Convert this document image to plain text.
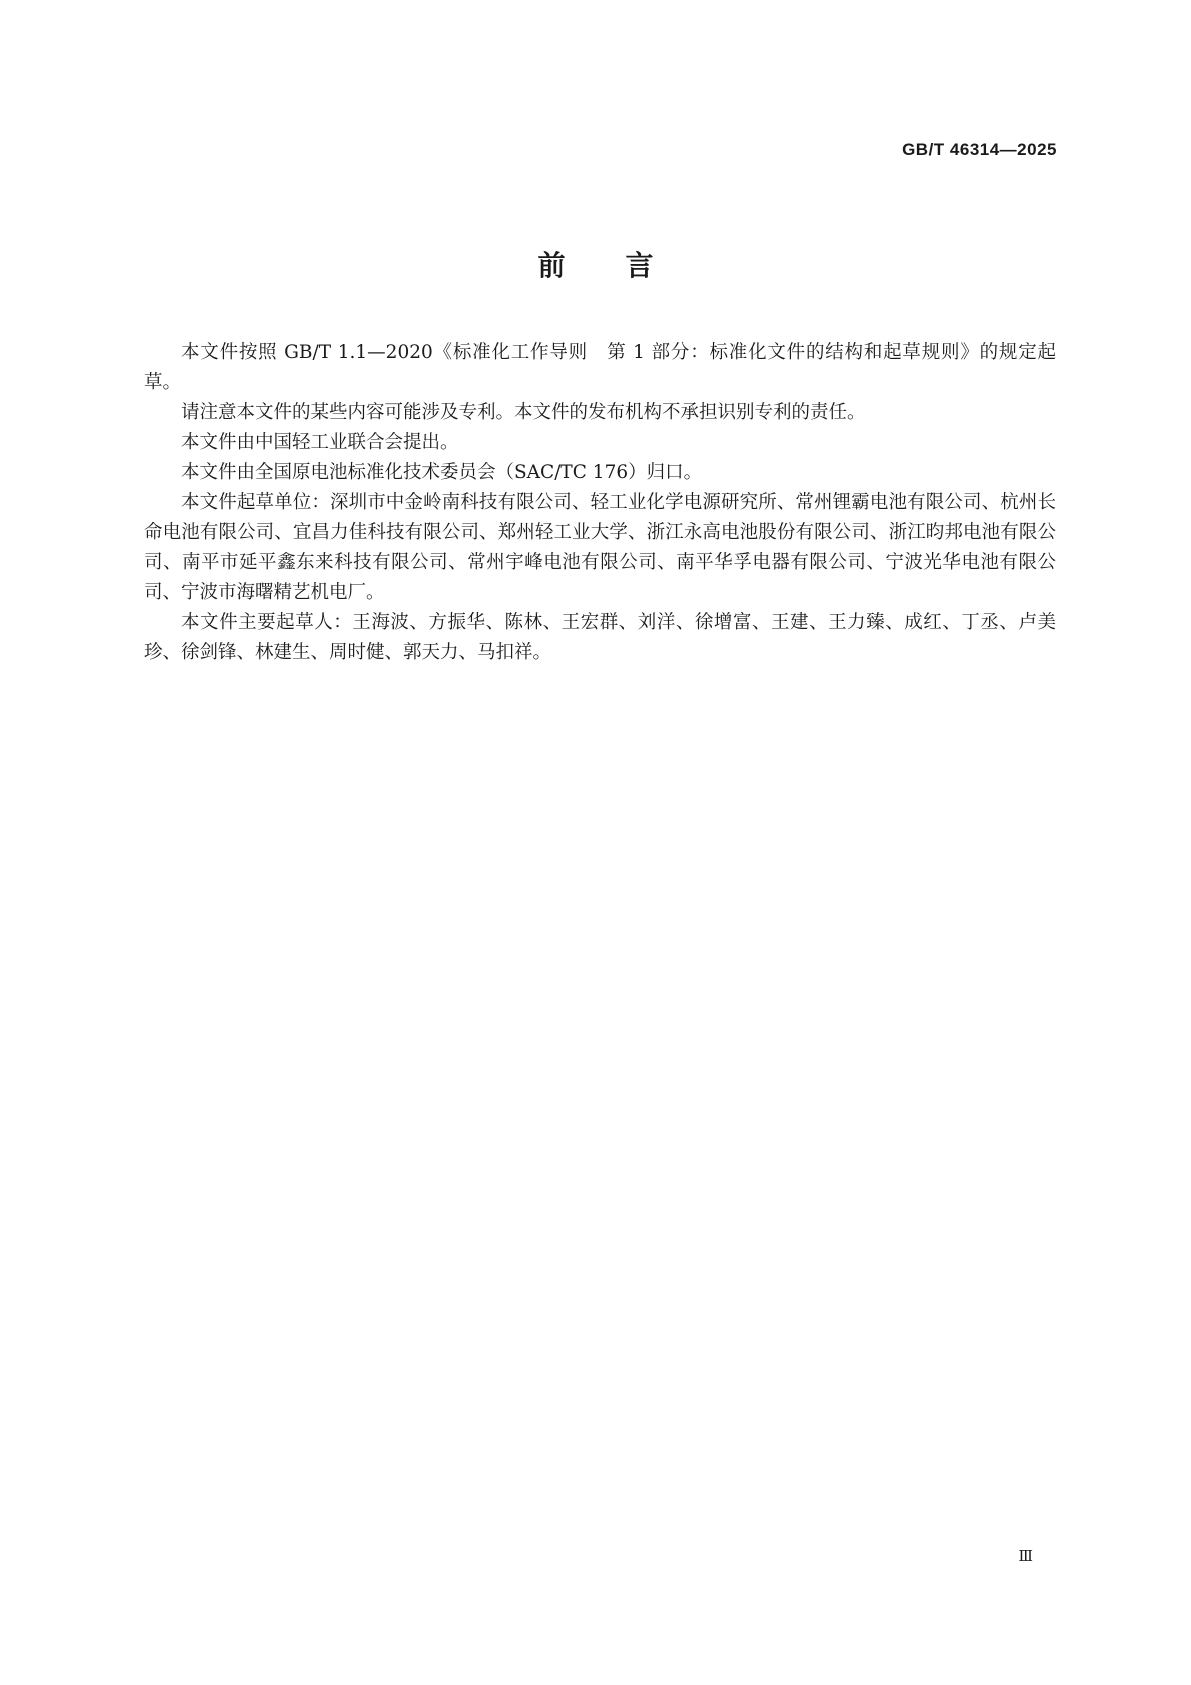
GB/T 46314—2025
前言

本文件按照 GB/T 1.1—2020《标准化工作导则　第 1 部分：标准化文件的结构和起草规则》的规定起草。

请注意本文件的某些内容可能涉及专利。本文件的发布机构不承担识别专利的责任。

本文件由中国轻工业联合会提出。

本文件由全国原电池标准化技术委员会（SAC/TC 176）归口。

本文件起草单位：深圳市中金岭南科技有限公司、轻工业化学电源研究所、常州锂霸电池有限公司、杭州长命电池有限公司、宜昌力佳科技有限公司、郑州轻工业大学、浙江永高电池股份有限公司、浙江昀邦电池有限公司、南平市延平鑫东来科技有限公司、常州宇峰电池有限公司、南平华孚电器有限公司、宁波光华电池有限公司、宁波市海曙精艺机电厂。

本文件主要起草人：王海波、方振华、陈林、王宏群、刘洋、徐增富、王建、王力臻、成红、丁丞、卢美珍、徐剑锋、林建生、周时健、郭天力、马扣祥。

Ⅲ
